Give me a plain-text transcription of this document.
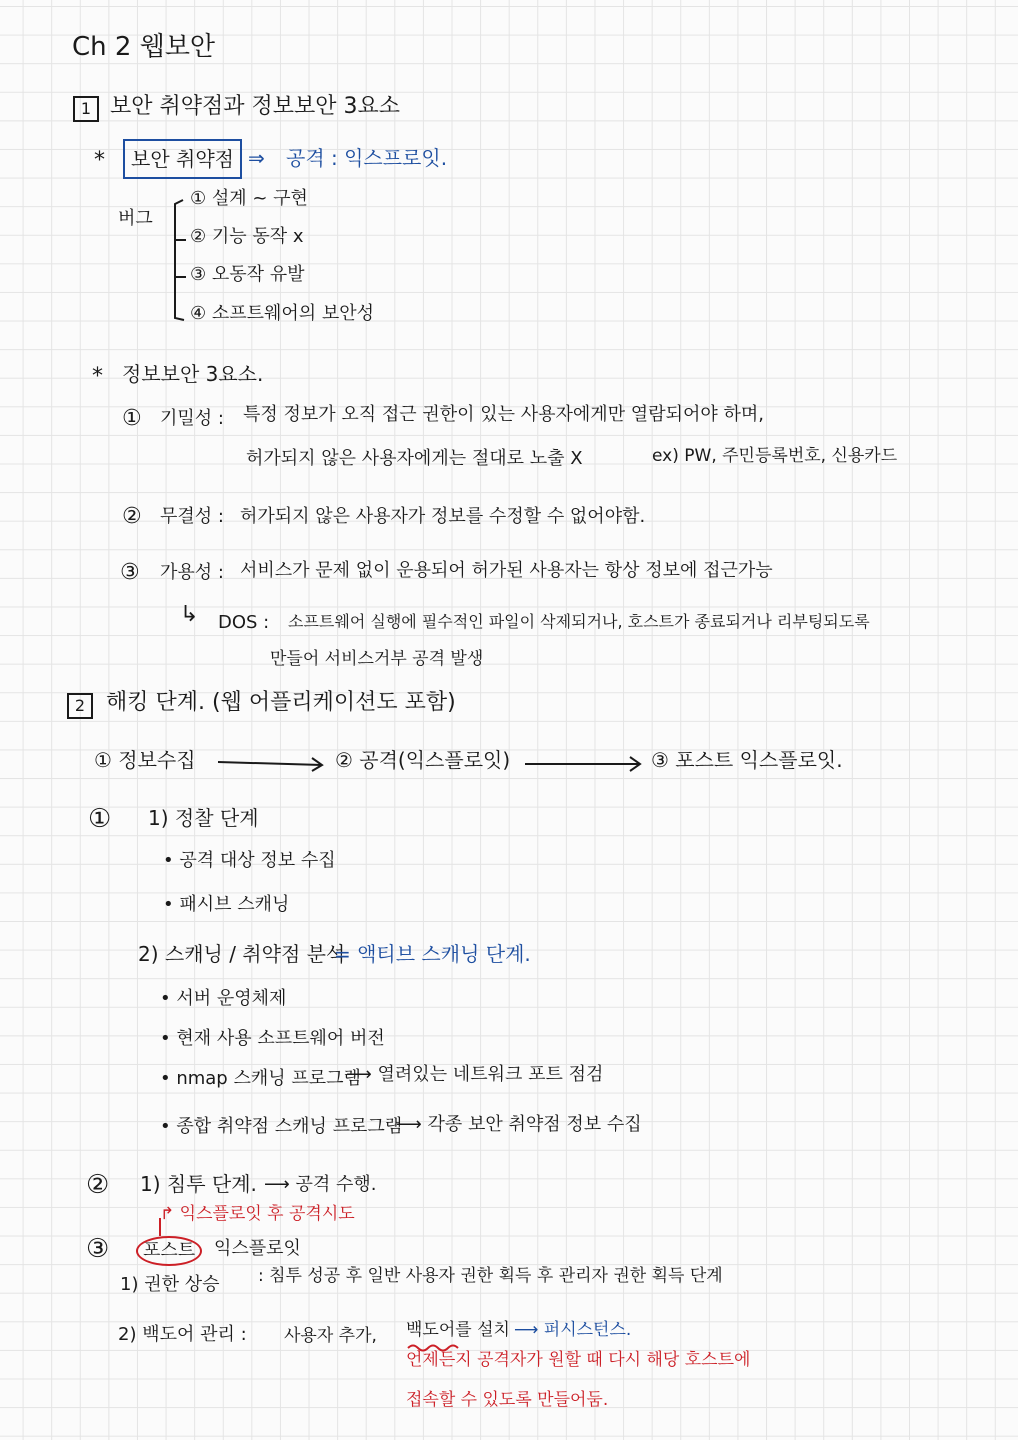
Ch 2 웹보안
1 보안 취약점과 정보보안 3요소
*	보안 취약점 ⇒ 공격 : 익스프로잇.
버그
① 설계 ~ 구현
② 기능 동작 x
③ 오동작 유발
④ 소프트웨어의 보안성
* 정보보안 3요소.
① 기밀성 : 특정 정보가 오직 접근 권한이 있는 사용자에게만 열람되어야 하며,
허가되지 않은 사용자에게는 절대로 노출 X	ex) PW, 주민등록번호, 신용카드
② 무결성 : 허가되지 않은 사용자가 정보를 수정할 수 없어야함.
③ 가용성 : 서비스가 문제 없이 운용되어 허가된 사용자는 항상 정보에 접근가능
↳ DOS : 소프트웨어 실행에 필수적인 파일이 삭제되거나, 호스트가 종료되거나 리부팅되도록
만들어 서비스거부 공격 발생
2 해킹 단계. (웹 어플리케이션도 포함)
① 정보수집	② 공격(익스플로잇)	③ 포스트 익스플로잇.
① 1) 정찰 단계
• 공격 대상 정보 수집
• 패시브 스캐닝
2) 스캐닝 / 취약점 분석
= 액티브 스캐닝 단계.
• 서버 운영체제
• 현재 사용 소프트웨어 버전
• nmap 스캐닝 프로그램
⟶ 열려있는 네트워크 포트 점검
• 종합 취약점 스캐닝 프로그램
⟶ 각종 보안 취약점 정보 수집
② 1) 침투 단계. ⟶ 공격 수행.
↱ 익스플로잇 후 공격시도
③	포스트	익스플로잇
1) 권한 상승 : 침투 성공 후 일반 사용자 권한 획득 후 관리자 권한 획득 단계
2) 백도어 관리 : 사용자 추가, 백도어를 설치 ⟶ 퍼시스턴스.
언제든지 공격자가 원할 때 다시 해당 호스트에
접속할 수 있도록 만들어둠.
